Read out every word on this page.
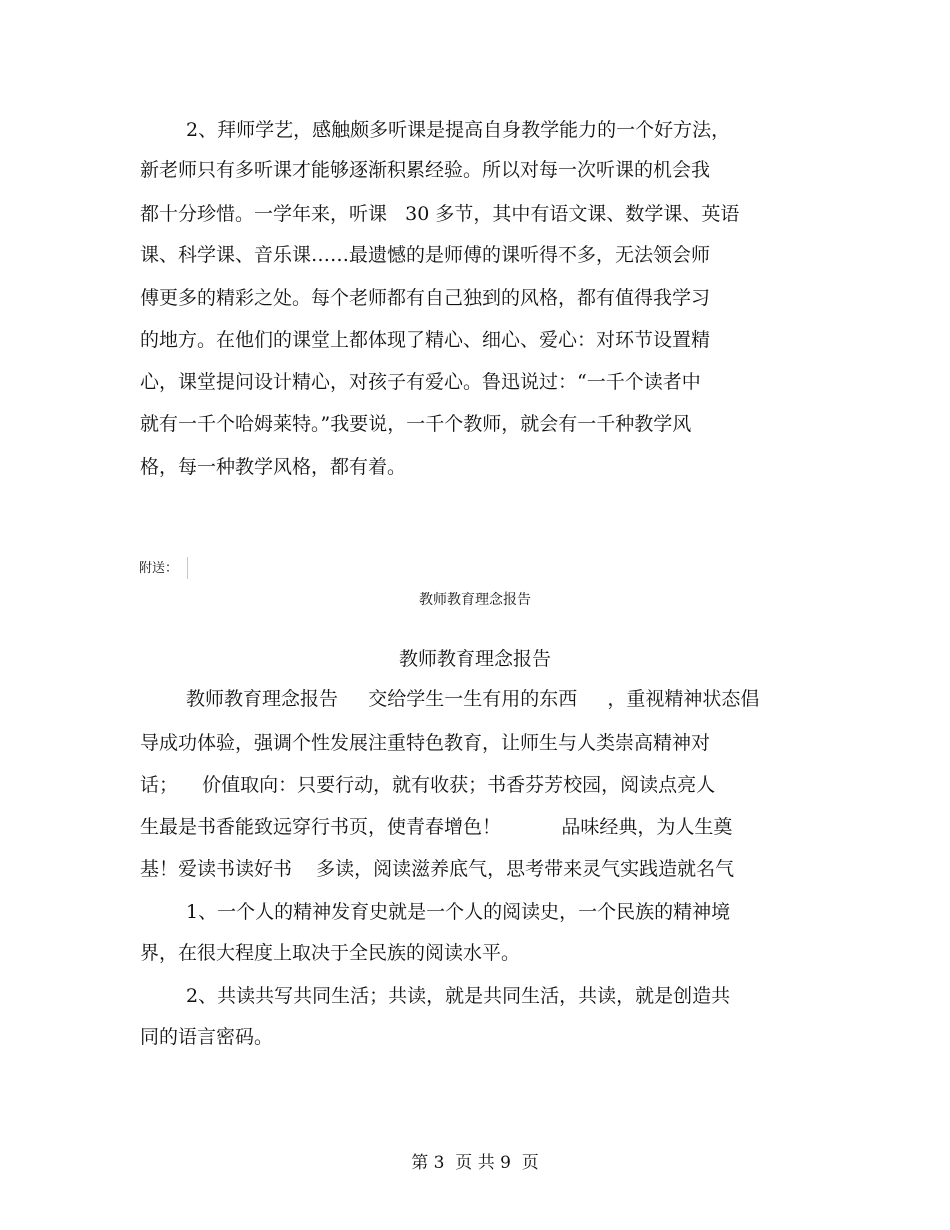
2、拜师学艺，感触颇多听课是提高自身教学能力的一个好方法，
新老师只有多听课才能够逐渐积累经验。所以对每一次听课的机会我
都十分珍惜。一学年来，听课   30 多节，其中有语文课、数学课、英语
课、科学课、音乐课……最遗憾的是师傅的课听得不多，无法领会师
傅更多的精彩之处。每个老师都有自己独到的风格，都有值得我学习
的地方。在他们的课堂上都体现了精心、细心、爱心：对环节设置精
心，课堂提问设计精心，对孩子有爱心。鲁迅说过：“一千个读者中
就有一千个哈姆莱特。”我要说，一千个教师，就会有一千种教学风
格，每一种教学风格，都有着。
附送：
教师教育理念报告
教师教育理念报告
教师教育理念报告     交给学生一生有用的东西     ，重视精神状态倡
导成功体验，强调个性发展注重特色教育，让师生与人类崇高精神对
话；    价值取向：只要行动，就有收获；书香芬芳校园，阅读点亮人
生最是书香能致远穿行书页，使青春增色！          品味经典，为人生奠
基！爱读书读好书    多读，阅读滋养底气，思考带来灵气实践造就名气
1、一个人的精神发育史就是一个人的阅读史，一个民族的精神境
界，在很大程度上取决于全民族的阅读水平。
2、共读共写共同生活；共读，就是共同生活，共读，就是创造共
同的语言密码。
第 3  页 共 9  页
